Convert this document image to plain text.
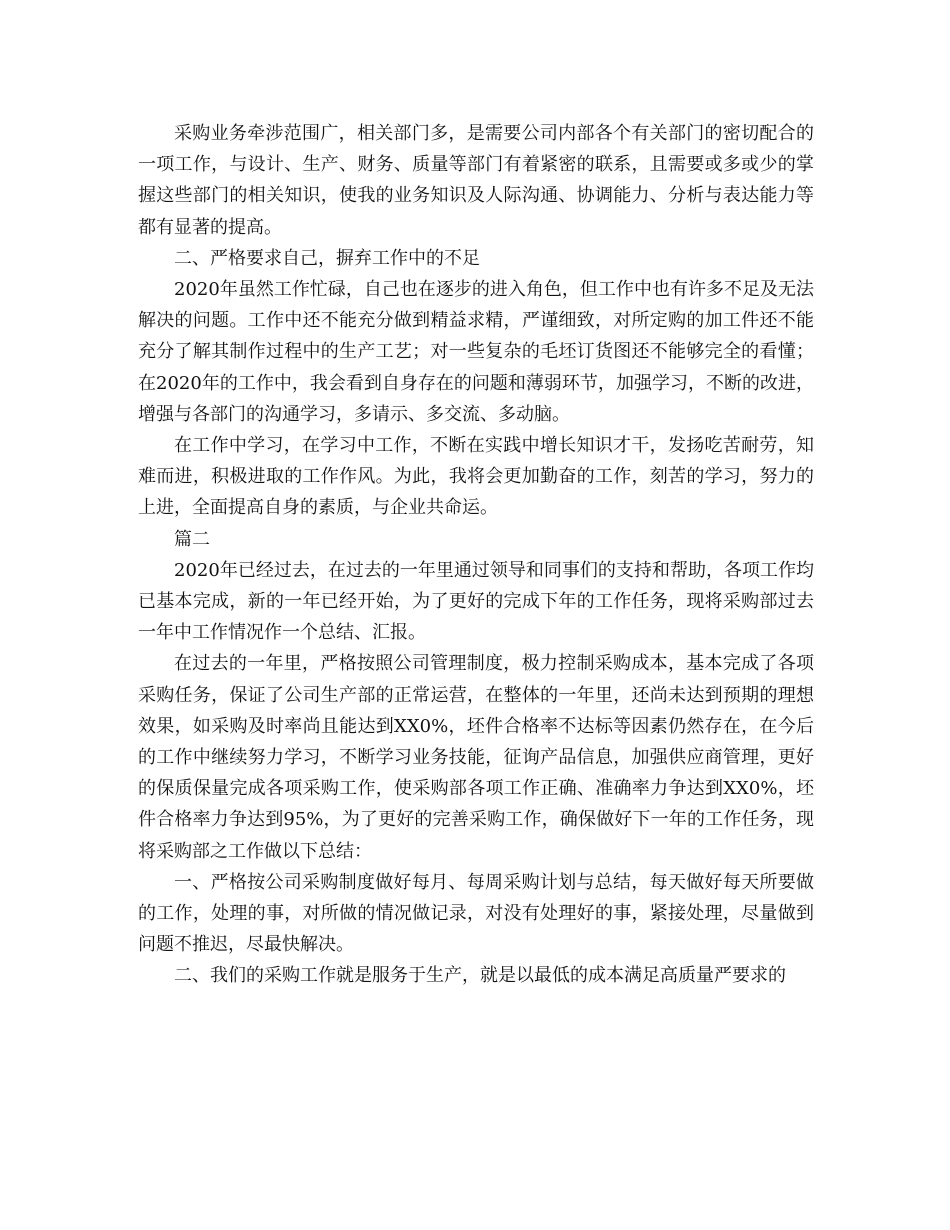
采购业务牵涉范围广，相关部门多，是需要公司内部各个有关部门的密切配合的一项工作，与设计、生产、财务、质量等部门有着紧密的联系，且需要或多或少的掌握这些部门的相关知识，使我的业务知识及人际沟通、协调能力、分析与表达能力等都有显著的提高。

二、严格要求自己，摒弃工作中的不足

2020年虽然工作忙碌，自己也在逐步的进入角色，但工作中也有许多不足及无法解决的问题。工作中还不能充分做到精益求精，严谨细致，对所定购的加工件还不能充分了解其制作过程中的生产工艺；对一些复杂的毛坯订货图还不能够完全的看懂；在2020年的工作中，我会看到自身存在的问题和薄弱环节，加强学习，不断的改进，增强与各部门的沟通学习，多请示、多交流、多动脑。

在工作中学习，在学习中工作，不断在实践中增长知识才干，发扬吃苦耐劳，知难而进，积极进取的工作作风。为此，我将会更加勤奋的工作，刻苦的学习，努力的上进，全面提高自身的素质，与企业共命运。

篇二

2020年已经过去，在过去的一年里通过领导和同事们的支持和帮助，各项工作均已基本完成，新的一年已经开始，为了更好的完成下年的工作任务，现将采购部过去一年中工作情况作一个总结、汇报。

在过去的一年里，严格按照公司管理制度，极力控制采购成本，基本完成了各项采购任务，保证了公司生产部的正常运营，在整体的一年里，还尚未达到预期的理想效果，如采购及时率尚且能达到XX0%，坯件合格率不达标等因素仍然存在，在今后的工作中继续努力学习，不断学习业务技能，征询产品信息，加强供应商管理，更好的保质保量完成各项采购工作，使采购部各项工作正确、准确率力争达到XX0%，坯件合格率力争达到95%，为了更好的完善采购工作，确保做好下一年的工作任务，现将采购部之工作做以下总结：

一、严格按公司采购制度做好每月、每周采购计划与总结，每天做好每天所要做的工作，处理的事，对所做的情况做记录，对没有处理好的事，紧接处理，尽量做到问题不推迟，尽最快解决。

二、我们的采购工作就是服务于生产，就是以最低的成本满足高质量严要求的
